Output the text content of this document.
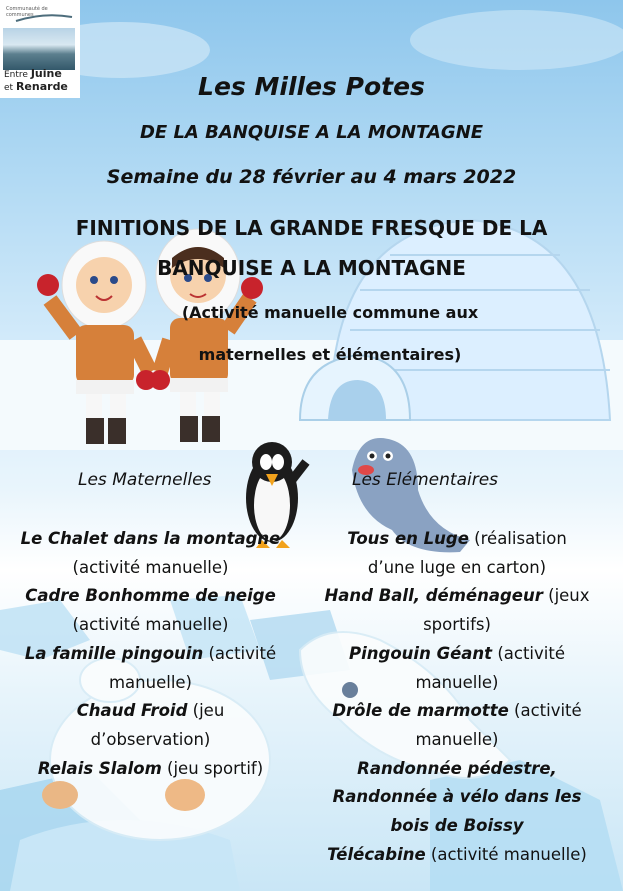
Communauté de communes
Entre Juine
et Renarde	Les Milles Potes
DE LA BANQUISE A LA MONTAGNE
Semaine du 28 février au 4 mars 2022
FINITIONS DE LA GRANDE FRESQUE DE LA
BANQUISE A LA MONTAGNE
(Activité manuelle commune aux
maternelles et élémentaires)
Les Maternelles	Les Elémentaires
Le Chalet dans la montagne
(activité manuelle)
Cadre Bonhomme de neige
(activité manuelle)
La famille pingouin (activité
manuelle)
Chaud Froid (jeu
d’observation)
Relais Slalom (jeu sportif)
Tous en Luge (réalisation
d’une luge en carton)
Hand Ball, déménageur (jeux
sportifs)
Pingouin Géant (activité
manuelle)
Drôle de marmotte (activité
manuelle)
Randonnée pédestre,
Randonnée à vélo dans les
bois de Boissy
Télécabine (activité manuelle)
